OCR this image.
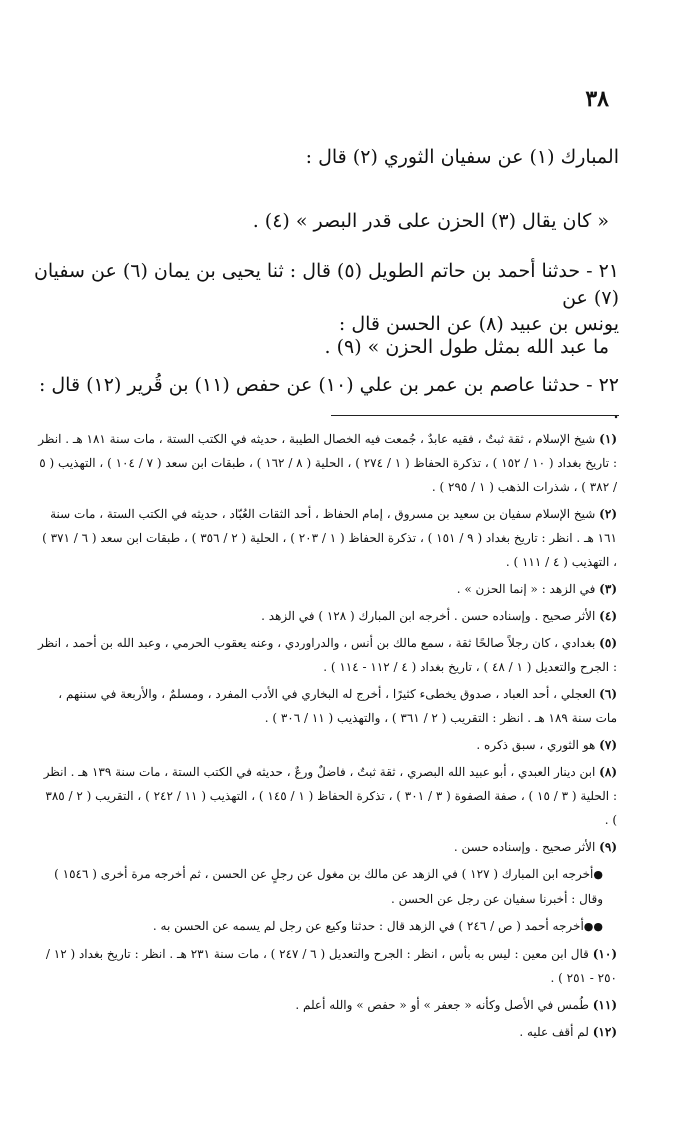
٣٨
المبارك (١) عن سفيان الثوري (٢) قال :
« كان يقال (٣) الحزن على قدر البصر » (٤) .

٢١ - حدثنا أحمد بن حاتم الطويل (٥) قال : ثنا يحيى بن يمان (٦) عن سفيان (٧) عن

يونس بن عبيد (٨) عن الحسن قال :

ما عبد الله بمثل طول الحزن » (٩) .
٢٢ - حدثنا عاصم بن عمر بن علي (١٠) عن حفص (١١) بن قُرير (١٢) قال : .

(١) شيخ الإسلام ، ثقة ثبتٌ ، فقيه عابدٌ ، جُمعت فيه الخصال الطيبة ، حديثه في الكتب الستة ، مات سنة ١٨١ هـ . انظر : تاريخ بغداد ( ١٠ / ١٥٢ ) ، تذكرة الحفاظ ( ١ / ٢٧٤ ) ، الحلية ( ٨ / ١٦٢ ) ، طبقات ابن سعد ( ٧ / ١٠٤ ) ، التهذيب ( ٥ / ٣٨٢ ) ، شذرات الذهب ( ١ / ٢٩٥ ) .

(٢) شيخ الإسلام سفيان بن سعيد بن مسروق ، إمام الحفاظ ، أحد الثقات العُبّاد ، حديثه في الكتب الستة ، مات سنة ١٦١ هـ . انظر : تاريخ بغداد ( ٩ / ١٥١ ) ، تذكرة الحفاظ ( ١ / ٢٠٣ ) ، الحلية ( ٢ / ٣٥٦ ) ، طبقات ابن سعد ( ٦ / ٣٧١ ) ، التهذيب ( ٤ / ١١١ ) .

(٣) في الزهد : « إنما الحزن » .

(٤) الأثر صحيح . وإسناده حسن . أخرجه ابن المبارك ( ١٢٨ ) في الزهد .

(٥) بغدادي ، كان رجلاً صالحًا ثقة ، سمع مالك بن أنس ، والدراوردي ، وعنه يعقوب الحرمي ، وعبد الله بن أحمد ، انظر : الجرح والتعديل ( ١ / ٤٨ ) ، تاريخ بغداد ( ٤ / ١١٢ - ١١٤ ) .

(٦) العجلي ، أحد العباد ، صدوق يخطىء كثيرًا ، أخرج له البخاري في الأدب المفرد ، ومسلمٌ ، والأربعة في سننهم ، مات سنة ١٨٩ هـ . انظر : التقريب ( ٢ / ٣٦١ ) ، والتهذيب ( ١١ / ٣٠٦ ) .

(٧) هو الثوري ، سبق ذكره .

(٨) ابن دينار العبدي ، أبو عبيد الله البصري ، ثقة ثبتٌ ، فاضلٌ ورعٌ ، حديثه في الكتب الستة ، مات سنة ١٣٩ هـ . انظر : الحلية ( ٣ / ١٥ ) ، صفة الصفوة ( ٣ / ٣٠١ ) ، تذكرة الحفاظ ( ١ / ١٤٥ ) ، التهذيب ( ١١ / ٢٤٢ ) ، التقريب ( ٢ / ٣٨٥ ) .

(٩) الأثر صحيح . وإسناده حسن .

●أخرجه ابن المبارك ( ١٢٧ ) في الزهد عن مالك بن مغول عن رجلٍ عن الحسن ، ثم أخرجه مرة أخرى ( ١٥٤٦ ) وقال : أخبرنا سفيان عن رجل عن الحسن .

●●أخرجه أحمد ( ص / ٢٤٦ ) في الزهد قال : حدثنا وكيع عن رجل لم يسمه عن الحسن به .

(١٠) قال ابن معين : ليس به بأس ، انظر : الجرح والتعديل ( ٦ / ٢٤٧ ) ، مات سنة ٢٣١ هـ . انظر : تاريخ بغداد ( ١٢ / ٢٥٠ - ٢٥١ ) .

(١١) طُمس في الأصل وكأنه « جعفر » أو « حفص » والله أعلم .

(١٢) لم أقف عليه .
